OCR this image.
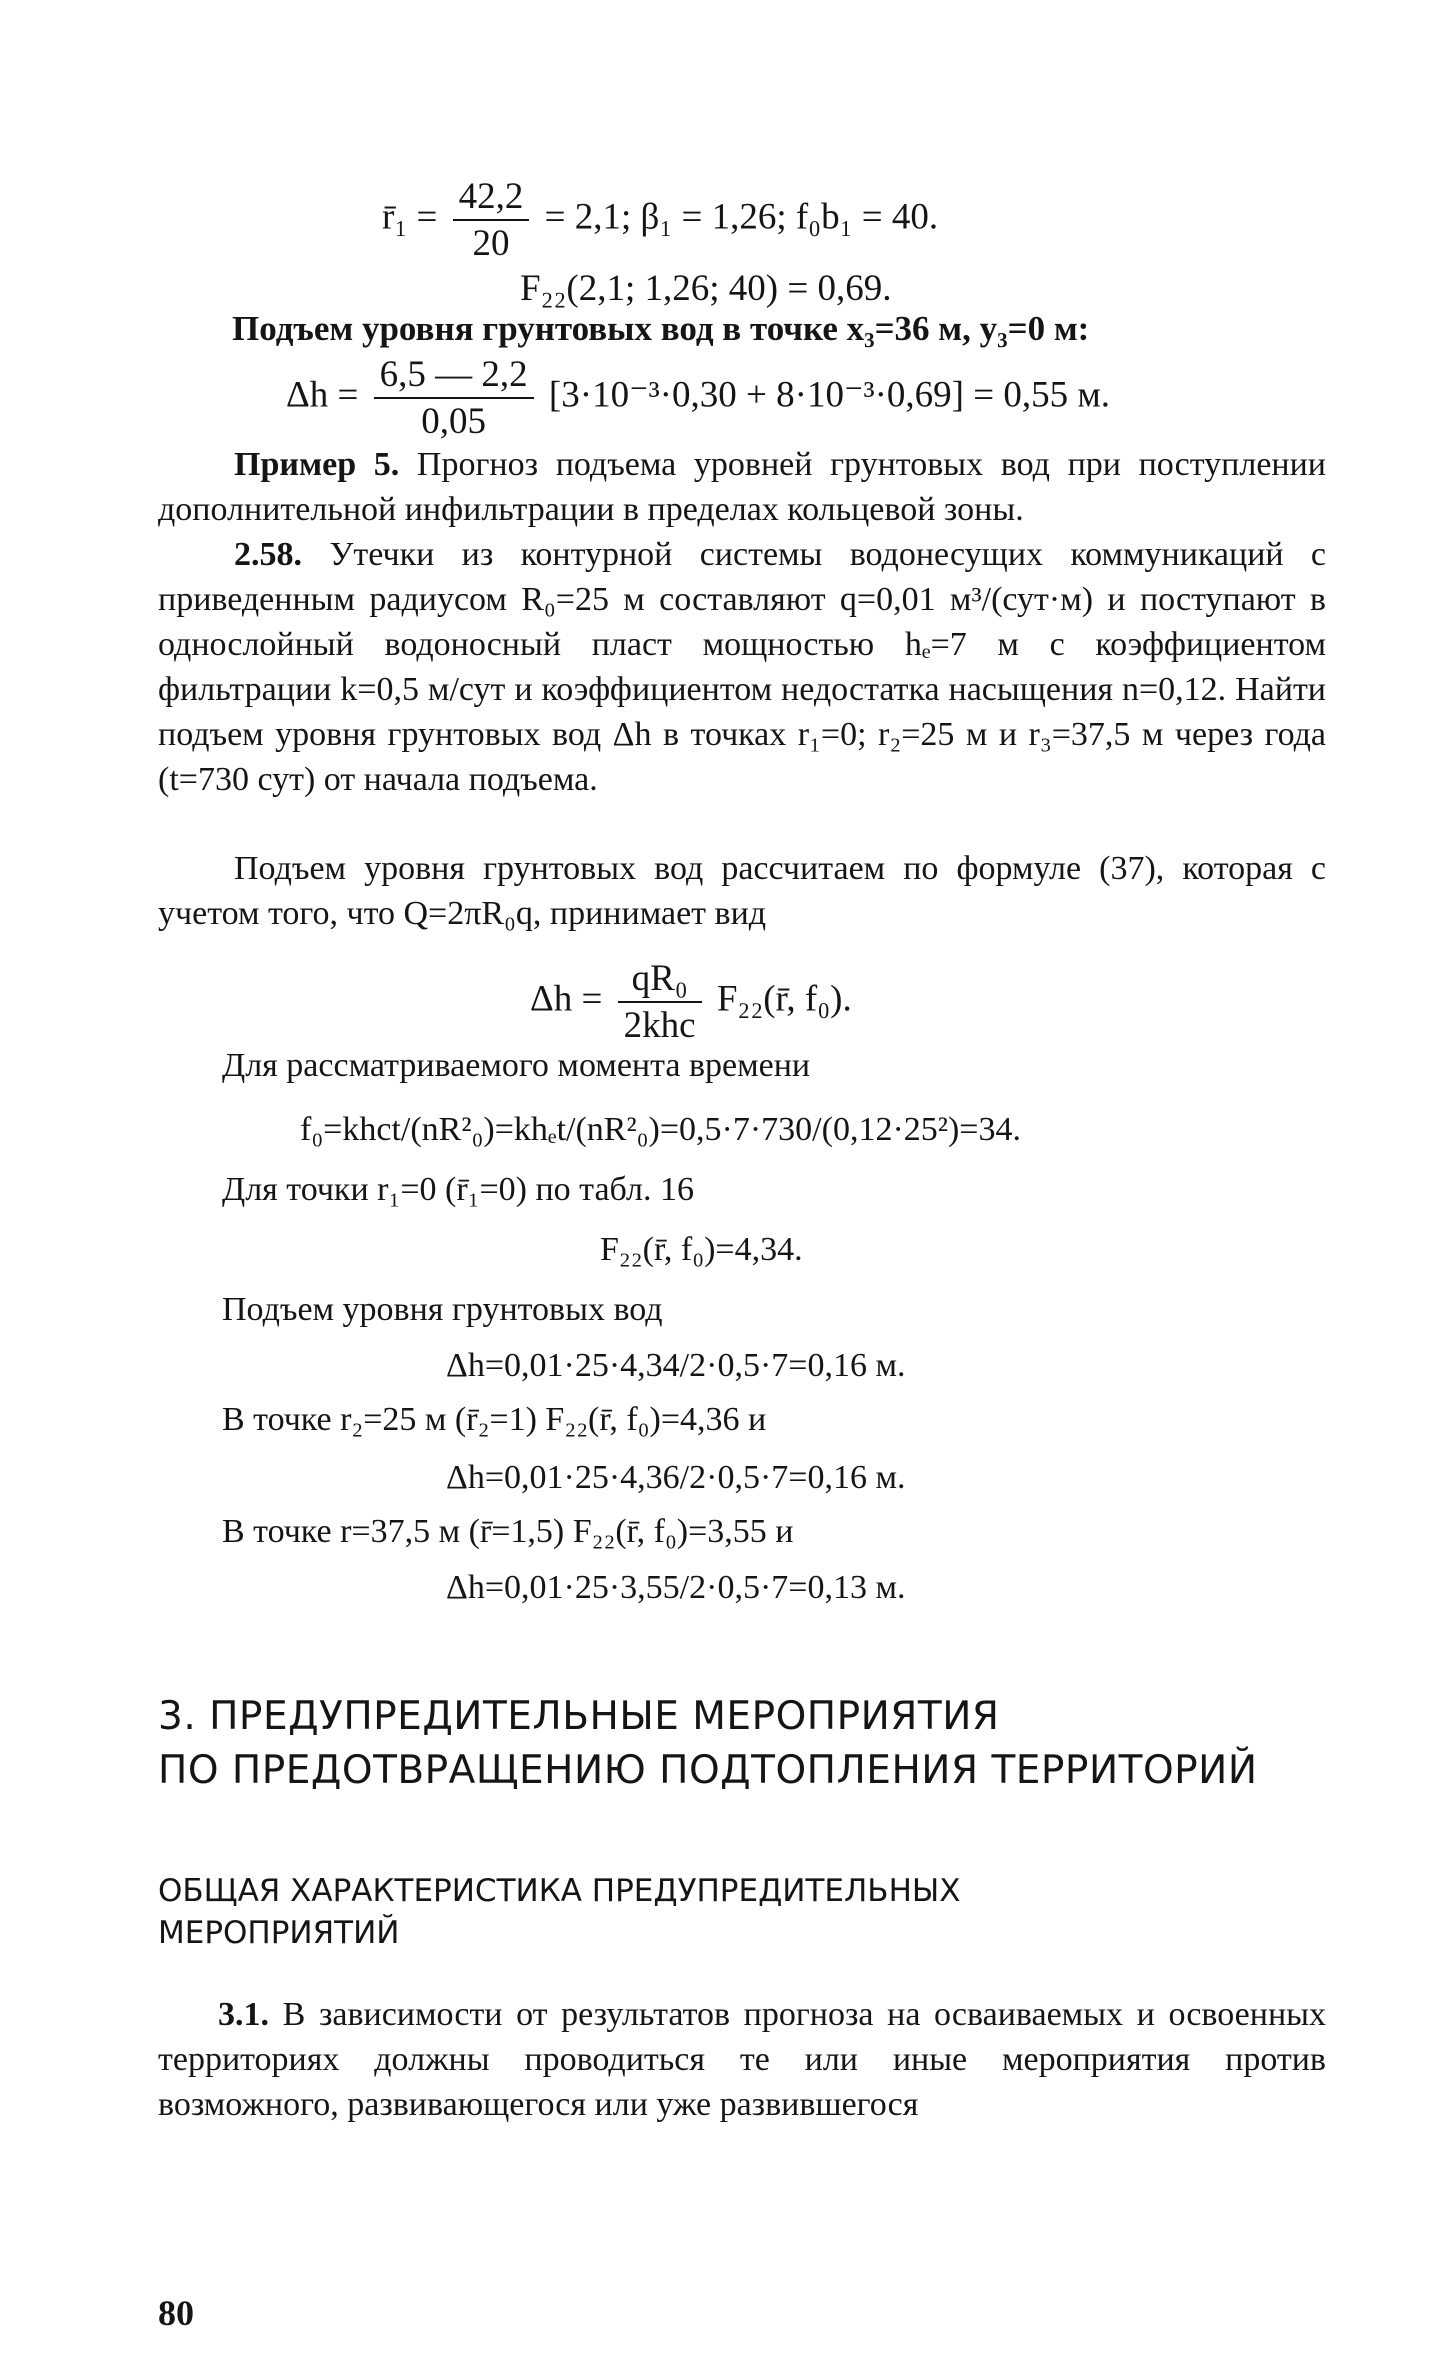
r̄₁ = $\frac{42,2}{20} = 2,1$; β₁ = 1,26; f₀b₁ = 40.
F₂₂(2,1; 1,26; 40) = 0,69.
Подъем уровня грунтовых вод в точке x₃=36 м, y₃=0 м:
$\Delta h = \frac{6,5 — 2,2}{0,05} [3\cdot 10^{-3}\cdot 0,30 + 8\cdot 10^{-3}\cdot 0,69] = 0,55$ м.
Пример 5. Прогноз подъема уровней грунтовых вод при поступлении дополнительной инфильтрации в пределах кольцевой зоны.
2.58. Утечки из контурной системы водонесущих коммуникаций с приведенным радиусом R₀=25 м составляют q=0,01 м³/(сут·м) и поступают в однослойный водоносный пласт мощностью hₑ=7 м с коэффициентом фильтрации k=0,5 м/сут и коэффициентом недостатка насыщения n=0,12. Найти подъем уровня грунтовых вод Δh в точках r₁=0; r₂=25 м и r₃=37,5 м через года (t=730 сут) от начала подъема.
Подъем уровня грунтовых вод рассчитаем по формуле (37), которая с учетом того, что Q=2πR₀q, принимает вид
$\Delta h = \frac{\text{qR₀}}{\text{2khc}}$ F₂₂(r̄, f₀).
Для рассматриваемого момента времени
f₀=khct/(nR²₀)=khₑt/(nR²₀)=0,5·7·730/(0,12·25²)=34.
Для точки r₁=0 (r̄₁=0) по табл. 16
F₂₂(r̄, f₀)=4,34.
Подъем уровня грунтовых вод
Δh=0,01·25·4,34/2·0,5·7=0,16 м.
В точке r₂=25 м (r̄₂=1) F₂₂(r̄, f₀)=4,36 и
Δh=0,01·25·4,36/2·0,5·7=0,16 м.
В точке r=37,5 м (r̄=1,5) F₂₂(r̄, f₀)=3,55 и
Δh=0,01·25·3,55/2·0,5·7=0,13 м.
3. ПРЕДУПРЕДИТЕЛЬНЫЕ МЕРОПРИЯТИЯ
ПО ПРЕДОТВРАЩЕНИЮ ПОДТОПЛЕНИЯ ТЕРРИТОРИЙ
ОБЩАЯ ХАРАКТЕРИСТИКА ПРЕДУПРЕДИТЕЛЬНЫХ
МЕРОПРИЯТИЙ
3.1. В зависимости от результатов прогноза на осваиваемых и освоенных территориях должны проводиться те или иные мероприятия против возможного, развивающегося или уже развившегося
80
